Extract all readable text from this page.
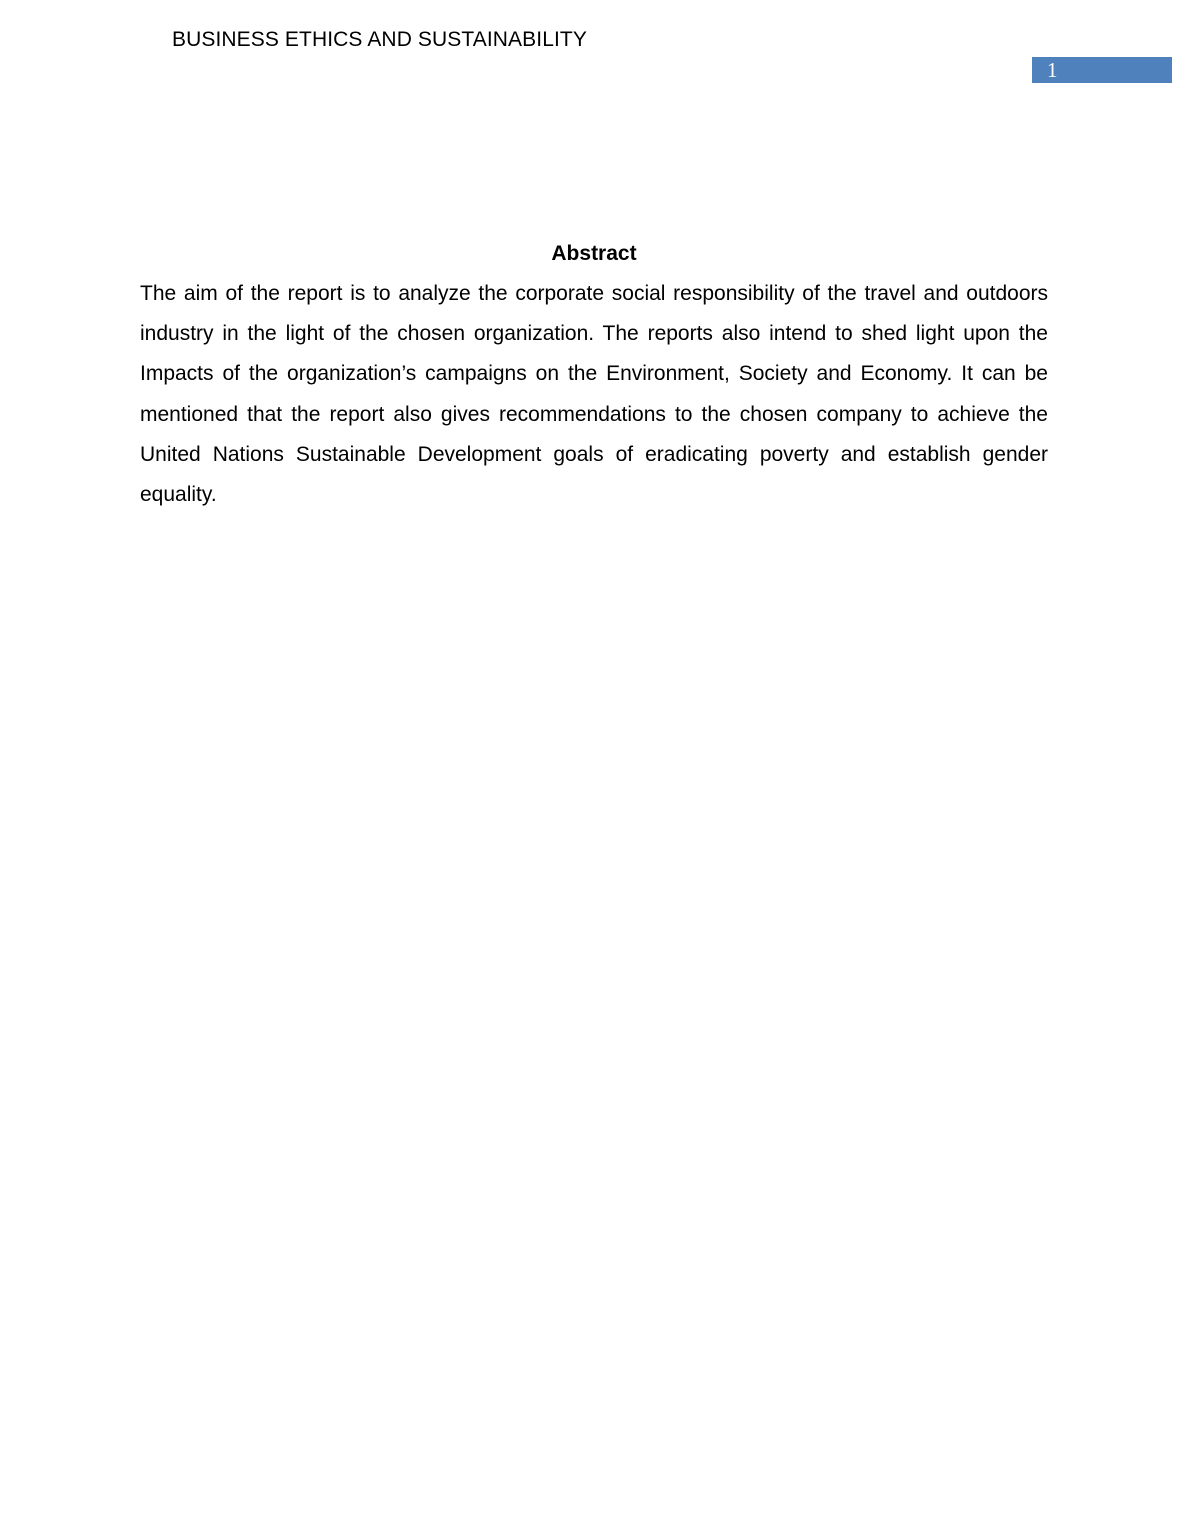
BUSINESS ETHICS AND SUSTAINABILITY
1
Abstract

The aim of the report is to analyze the corporate social responsibility of the travel and outdoors industry in the light of the chosen organization. The reports also intend to shed light upon the Impacts of the organization’s campaigns on the Environment, Society and Economy. It can be mentioned that the report also gives recommendations to the chosen company to achieve the United Nations Sustainable Development goals of eradicating poverty and establish gender equality.
